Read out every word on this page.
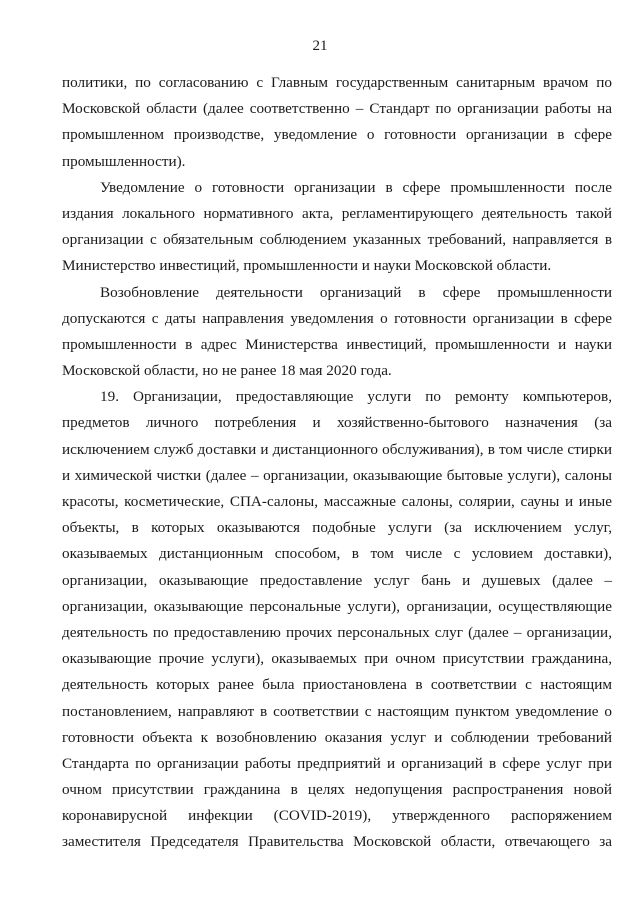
21
политики, по согласованию с Главным государственным санитарным врачом по
Московской области (далее соответственно – Стандарт по организации работы на
промышленном производстве, уведомление о готовности организации в сфере
промышленности).
Уведомление о готовности организации в сфере промышленности после
издания локального нормативного акта, регламентирующего деятельность такой
организации с обязательным соблюдением указанных требований, направляется в
Министерство инвестиций, промышленности и науки Московской области.
Возобновление деятельности организаций в сфере промышленности
допускаются с даты направления уведомления о готовности организации в сфере
промышленности в адрес Министерства инвестиций, промышленности и науки
Московской области, но не ранее 18 мая 2020 года.
19. Организации, предоставляющие услуги по ремонту компьютеров,
предметов личного потребления и хозяйственно-бытового назначения (за
исключением служб доставки и дистанционного обслуживания), в том числе стирки
и химической чистки (далее – организации, оказывающие бытовые услуги), салоны
красоты, косметические, СПА-салоны, массажные салоны, солярии, сауны и иные
объекты, в которых оказываются подобные услуги (за исключением услуг,
оказываемых дистанционным способом, в том числе с условием доставки),
организации, оказывающие предоставление услуг бань и душевых (далее –
организации, оказывающие персональные услуги), организации, осуществляющие
деятельность по предоставлению прочих персональных слуг (далее – организации,
оказывающие прочие услуги), оказываемых при очном присутствии гражданина,
деятельность которых ранее была приостановлена в соответствии с настоящим
постановлением, направляют в соответствии с настоящим пунктом уведомление о
готовности объекта к возобновлению оказания услуг и соблюдении требований
Стандарта по организации работы предприятий и организаций в сфере услуг при
очном присутствии гражданина в целях недопущения распространения новой
коронавирусной инфекции (COVID-2019), утвержденного распоряжением
заместителя Председателя Правительства Московской области, отвечающего за
